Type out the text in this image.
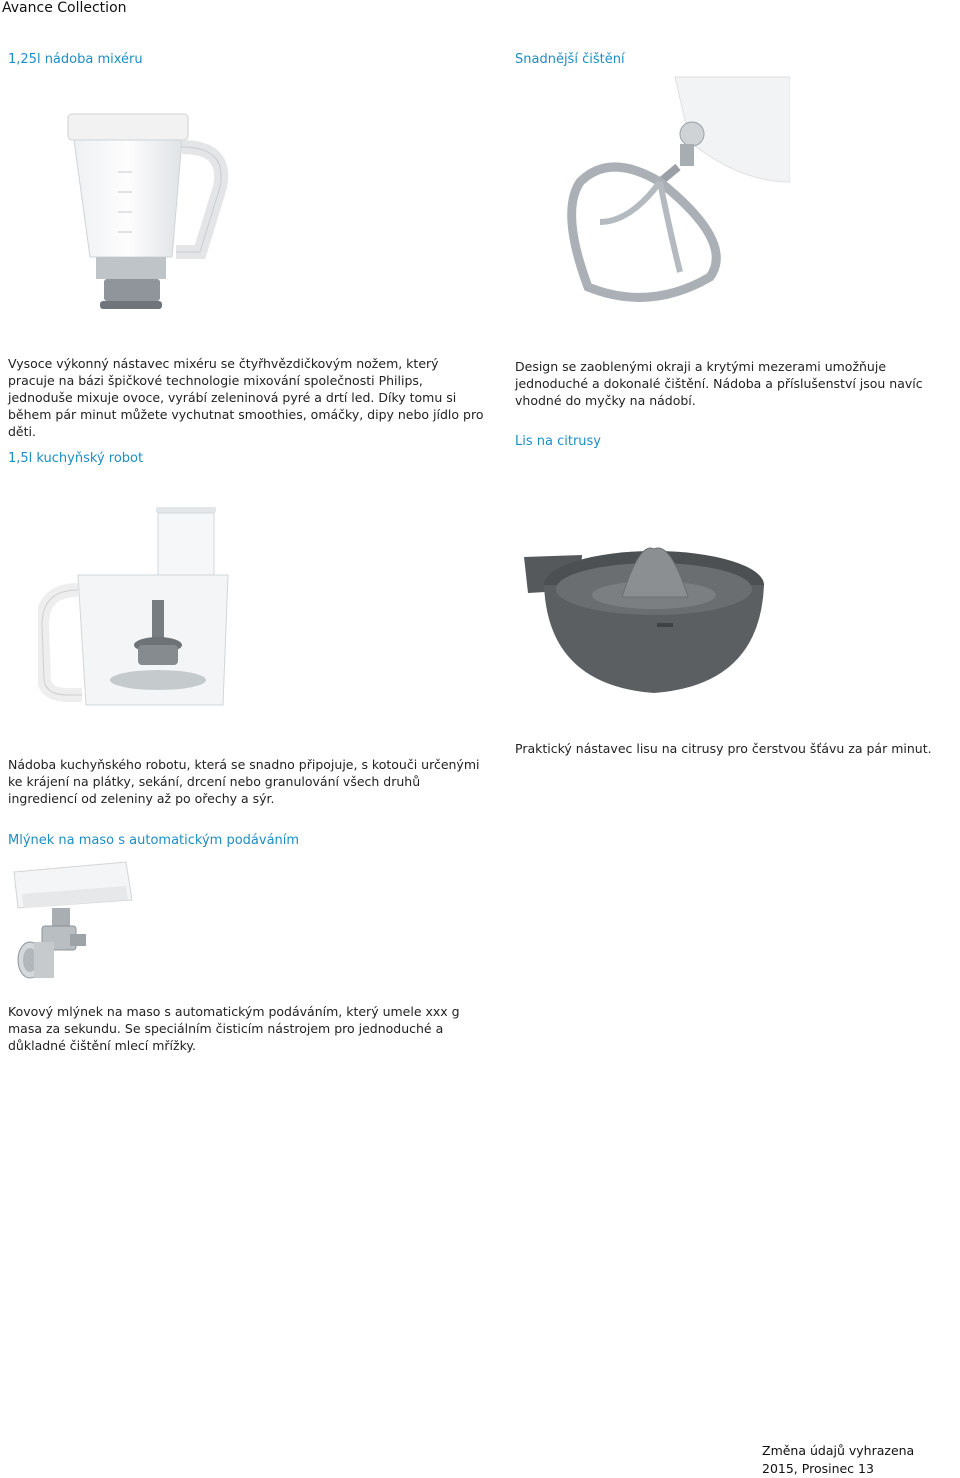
Avance Collection
1,25l nádoba mixéru
Vysoce výkonný nástavec mixéru se čtyřhvězdičkovým nožem, který pracuje na bázi špičkové technologie mixování společnosti Philips, jednoduše mixuje ovoce, vyrábí zeleninová pyré a drtí led. Díky tomu si během pár minut můžete vychutnat smoothies, omáčky, dipy nebo jídlo pro děti.
Snadnější čištění
Design se zaoblenými okraji a krytými mezerami umožňuje jednoduché a dokonalé čištění. Nádoba a příslušenství jsou navíc vhodné do myčky na nádobí.
1,5l kuchyňský robot
Nádoba kuchyňského robotu, která se snadno připojuje, s kotouči určenými ke krájení na plátky, sekání, drcení nebo granulování všech druhů ingrediencí od zeleniny až po ořechy a sýr.
Lis na citrusy
Praktický nástavec lisu na citrusy pro čerstvou šťávu za pár minut.
Mlýnek na maso s automatickým podáváním
Kovový mlýnek na maso s automatickým podáváním, který umele xxx g masa za sekundu. Se speciálním čisticím nástrojem pro jednoduché a důkladné čištění mlecí mřížky.
Změna údajů vyhrazena
2015, Prosinec 13
